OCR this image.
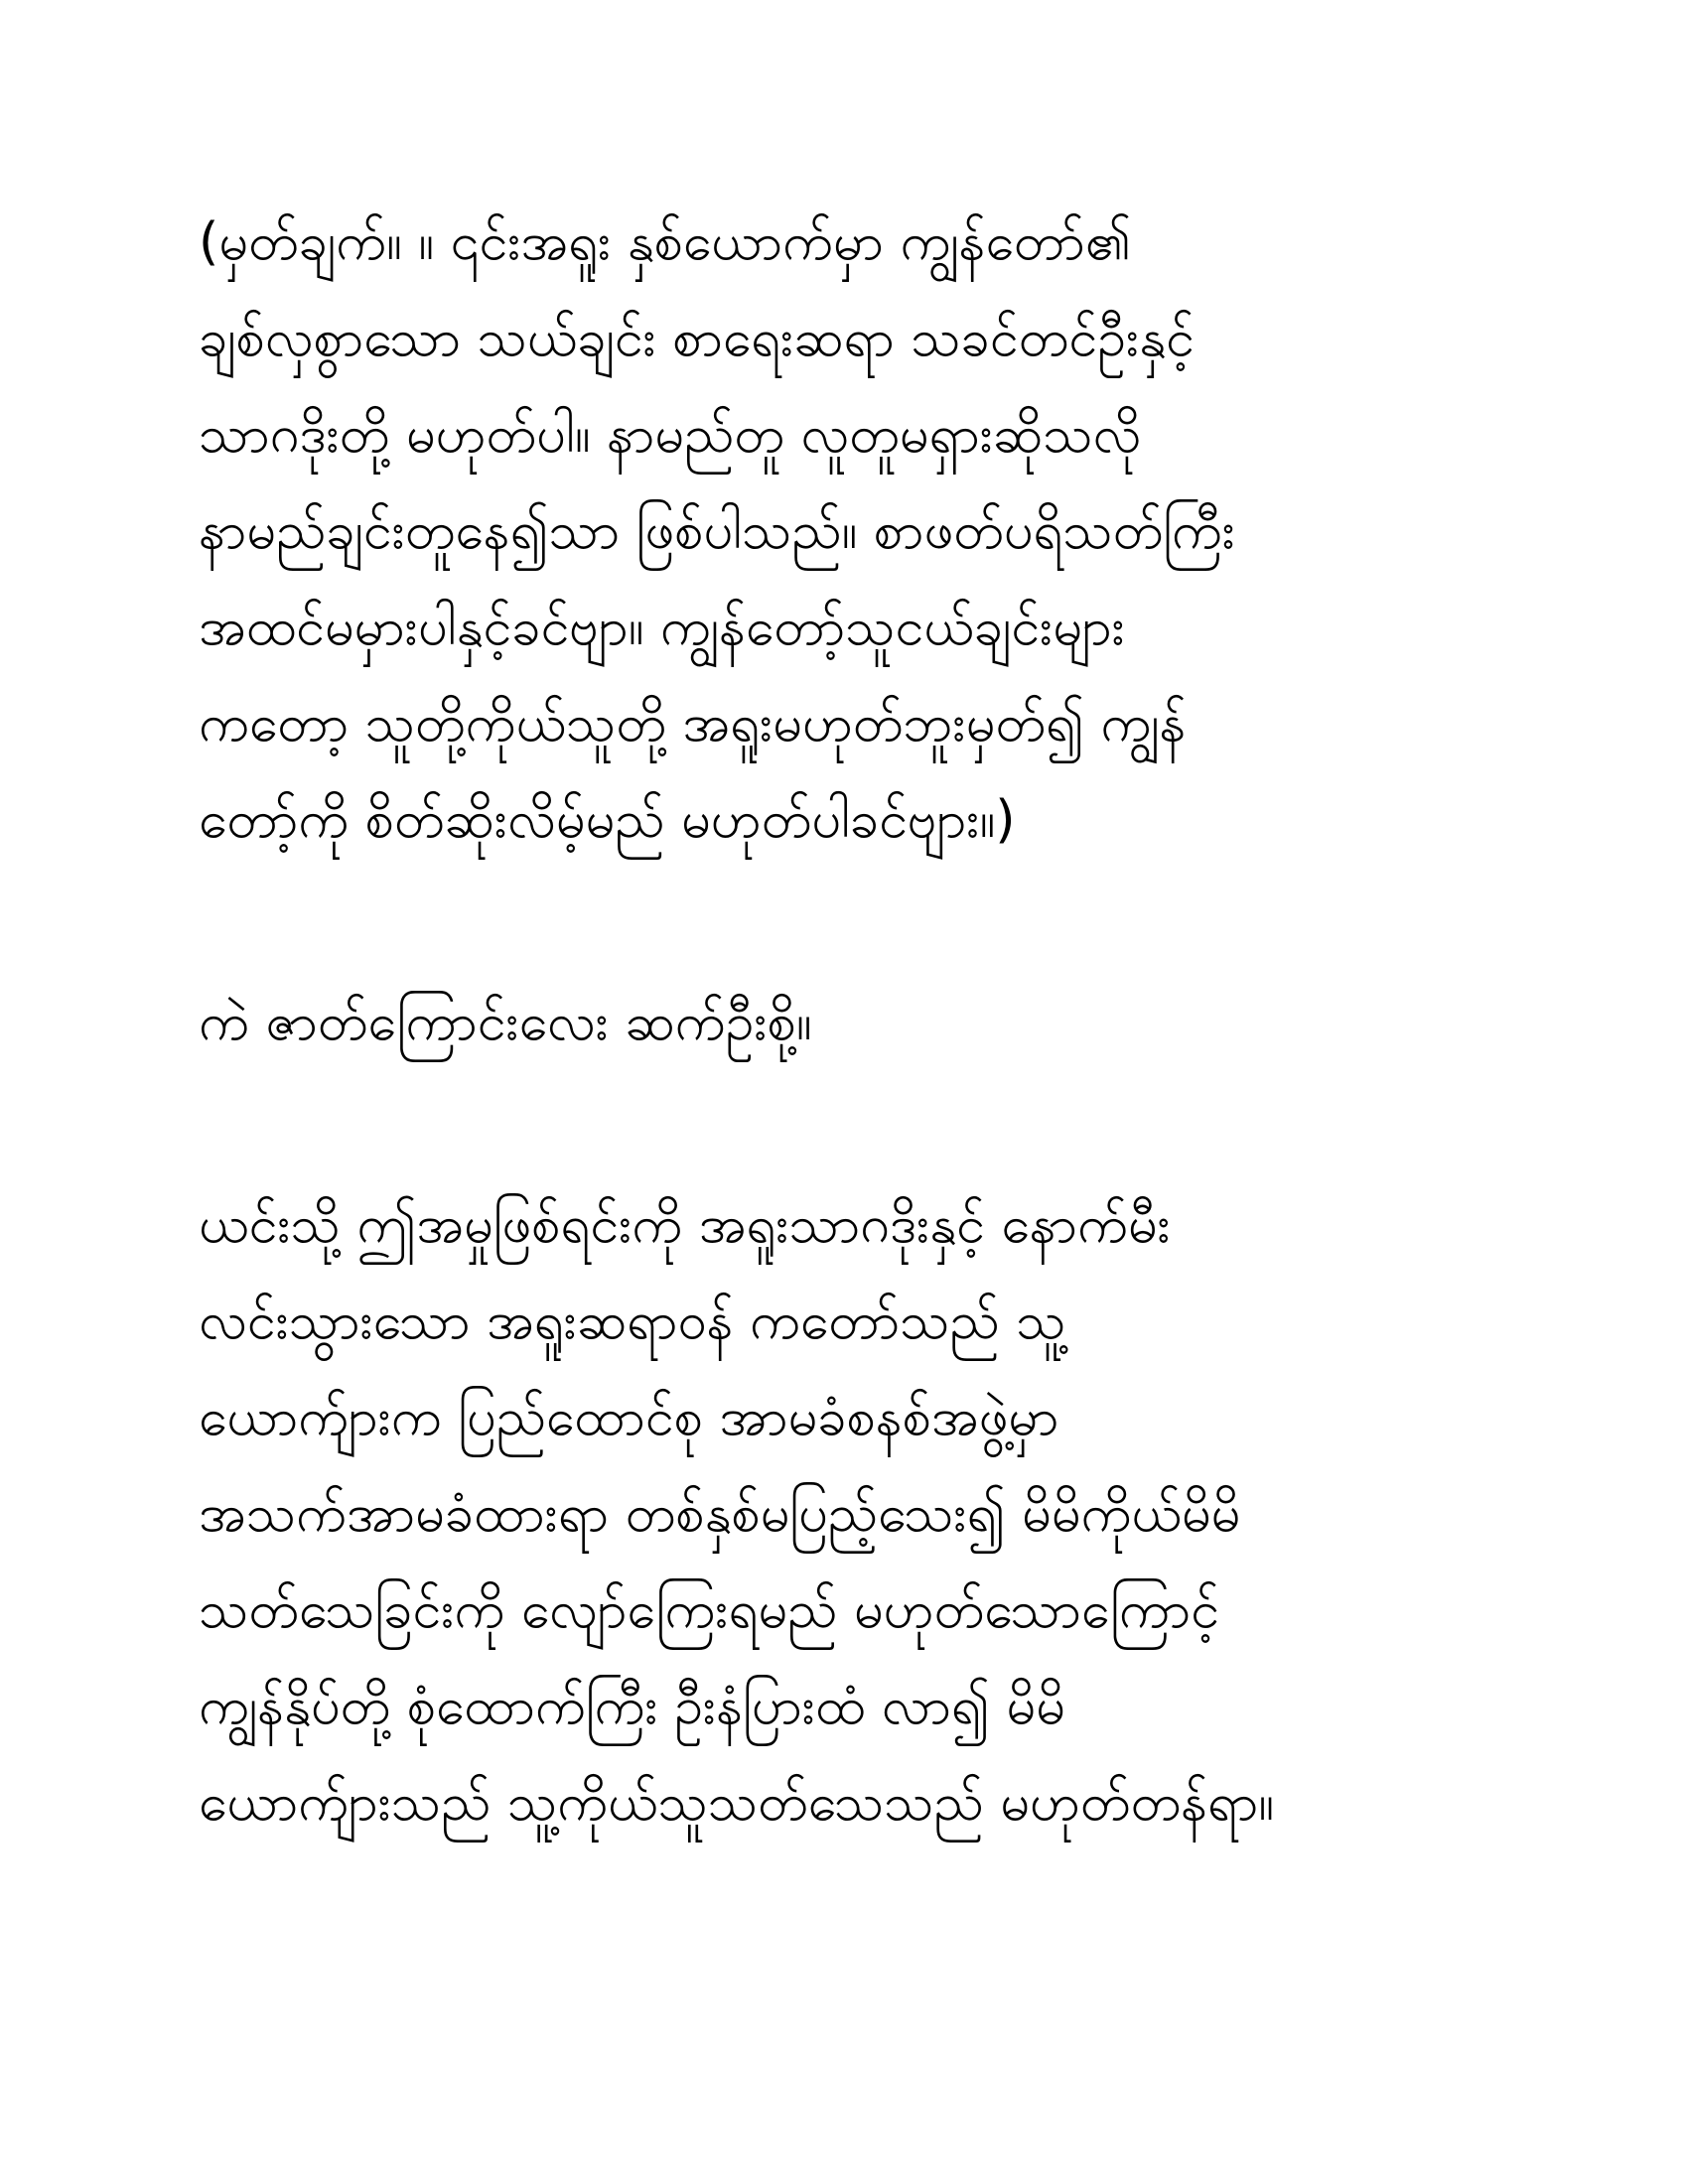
(မှတ်ချက်။ ။ ၎င်းအရူး နှစ်ယောက်မှာ ကျွန်တော်၏
ချစ်လှစွာသော သယ်ချင်း စာရေးဆရာ သခင်တင်ဦးနှင့်
သာဂဒိုးတို့ မဟုတ်ပါ။ နာမည်တူ လူတူမရှားဆိုသလို
နာမည်ချင်းတူနေ၍သာ ဖြစ်ပါသည်။ စာဖတ်ပရိသတ်ကြီး
အထင်မမှားပါနှင့်ခင်ဗျာ။ ကျွန်တော့်သူငယ်ချင်းများ
ကတော့ သူတို့ကိုယ်သူတို့ အရူးမဟုတ်ဘူးမှတ်၍ ကျွန်
တော့်ကို စိတ်ဆိုးလိမ့်မည် မဟုတ်ပါခင်ဗျား။)
ကဲ ဇာတ်ကြောင်းလေး ဆက်ဦးစို့။
ယင်းသို့ ဤအမှုဖြစ်ရင်းကို အရူးသာဂဒိုးနှင့် နောက်မီး
လင်းသွားသော အရူးဆရာဝန် ကတော်သည် သူ့
ယောက်ျားက ပြည်ထောင်စု အာမခံစနစ်အဖွဲ့မှာ
အသက်အာမခံထားရာ တစ်နှစ်မပြည့်သေး၍ မိမိကိုယ်မိမိ
သတ်သေခြင်းကို လျော်ကြေးရမည် မဟုတ်သောကြောင့်
ကျွန်နိုပ်တို့ စုံထောက်ကြီး ဦးနံပြားထံ လာ၍ မိမိ
ယောက်ျားသည် သူ့ကိုယ်သူသတ်သေသည် မဟုတ်တန်ရာ။
